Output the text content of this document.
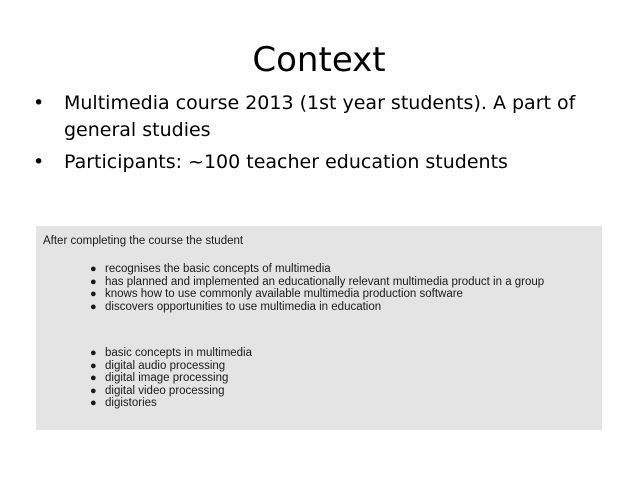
Context
• Multimedia course 2013 (1st year students). A part of general studies
• Participants: ~100 teacher education students
After completing the course the student
● recognises the basic concepts of multimedia
● has planned and implemented an educationally relevant multimedia product in a group
● knows how to use commonly available multimedia production software
● discovers opportunities to use multimedia in education
● basic concepts in multimedia
● digital audio processing
● digital image processing
● digital video processing
● digistories
